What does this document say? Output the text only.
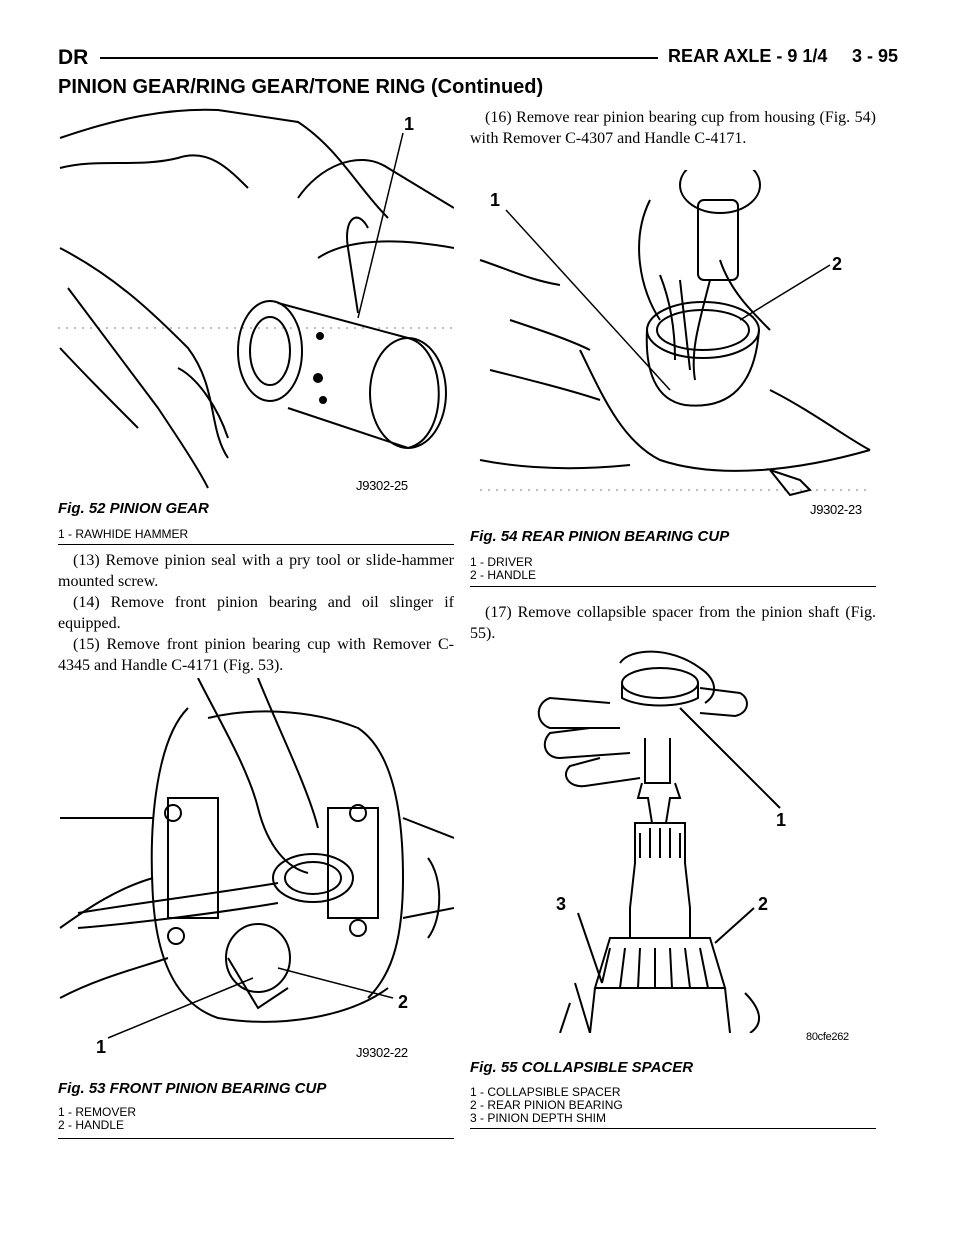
DR	REAR AXLE - 9 1/4 3 - 95
PINION GEAR/RING GEAR/TONE RING (Continued)
1
J9302-25
Fig. 52 PINION GEAR
1 - RAWHIDE HAMMER

(13) Remove pinion seal with a pry tool or slide-hammer mounted screw.

(14) Remove front pinion bearing and oil slinger if equipped.

(15) Remove front pinion bearing cup with Remover C-4345 and Handle C-4171 (Fig. 53).

1
2
J9302-22
Fig. 53 FRONT PINION BEARING CUP
1 - REMOVER
2 - HANDLE

(16) Remove rear pinion bearing cup from housing (Fig. 54) with Remover C-4307 and Handle C-4171.

1
2
J9302-23
Fig. 54 REAR PINION BEARING CUP
1 - DRIVER
2 - HANDLE

(17) Remove collapsible spacer from the pinion shaft (Fig. 55).

1
3	2
80cfe262
Fig. 55 COLLAPSIBLE SPACER
1 - COLLAPSIBLE SPACER
2 - REAR PINION BEARING
3 - PINION DEPTH SHIM
